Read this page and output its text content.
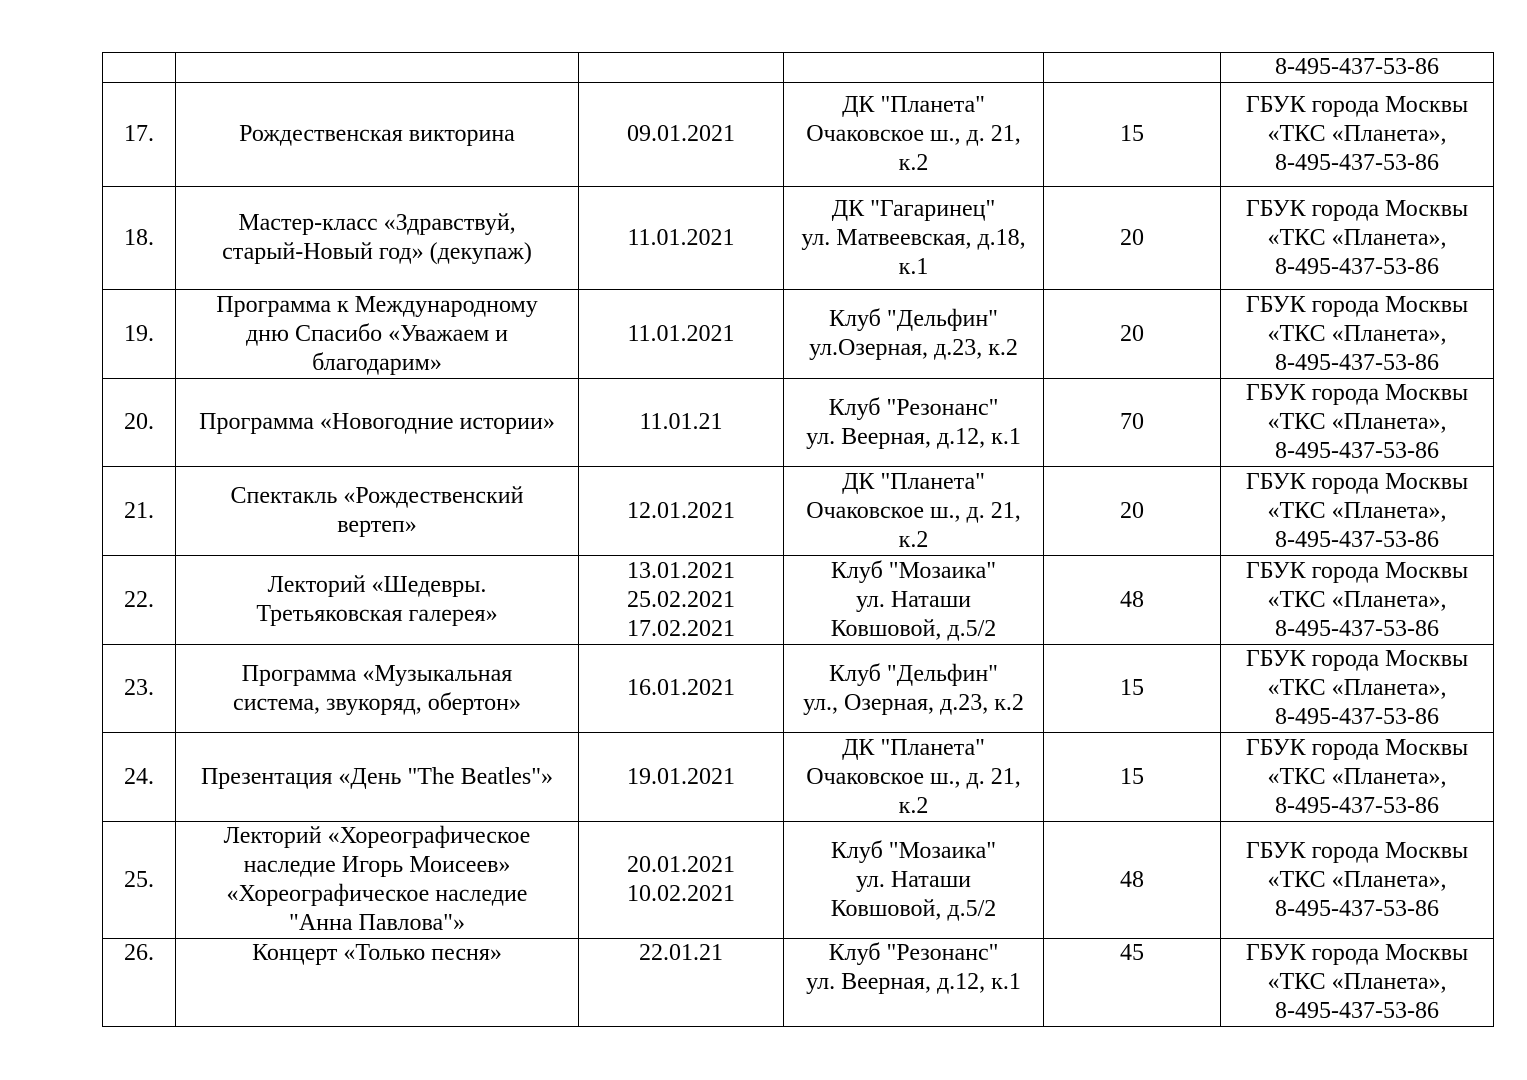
					8-495-437-53-86
17.	Рождественская викторина	09.01.2021	ДК "Планета"
Очаковское ш., д. 21,
к.2	15	ГБУК города Москвы
«ТКС «Планета»,
8-495-437-53-86

18.	Мастер-класс «Здравствуй,
старый-Новый год» (декупаж)	11.01.2021	ДК "Гагаринец"
ул. Матвеевская, д.18,
к.1	20	ГБУК города Москвы
«ТКС «Планета»,
8-495-437-53-86

19.	Программа к Международному
дню Спасибо «Уважаем и
благодарим»	11.01.2021	Клуб "Дельфин"
ул.Озерная, д.23, к.2	20	ГБУК города Москвы
«ТКС «Планета»,
8-495-437-53-86

20.	Программа «Новогодние истории»	11.01.21	Клуб "Резонанс"
ул. Веерная, д.12, к.1	70	ГБУК города Москвы
«ТКС «Планета»,
8-495-437-53-86

21.	Спектакль «Рождественский
вертеп»	12.01.2021	ДК "Планета"
Очаковское ш., д. 21,
к.2	20	ГБУК города Москвы
«ТКС «Планета»,
8-495-437-53-86

22.	Лекторий «Шедевры.
Третьяковская галерея»	13.01.2021
25.02.2021
17.02.2021	Клуб "Мозаика"
ул. Наташи
Ковшовой, д.5/2	48	ГБУК города Москвы
«ТКС «Планета»,
8-495-437-53-86

23.	Программа «Музыкальная
система, звукоряд, обертон»	16.01.2021	Клуб "Дельфин"
ул., Озерная, д.23, к.2	15	ГБУК города Москвы
«ТКС «Планета»,
8-495-437-53-86

24.	Презентация «День "The Beatles"»	19.01.2021	ДК "Планета"
Очаковское ш., д. 21,
к.2	15	ГБУК города Москвы
«ТКС «Планета»,
8-495-437-53-86

25.	Лекторий «Хореографическое
наследие Игорь Моисеев»
«Хореографическое наследие
"Анна Павлова"»	20.01.2021
10.02.2021	Клуб "Мозаика"
ул. Наташи
Ковшовой, д.5/2	48	ГБУК города Москвы
«ТКС «Планета»,
8-495-437-53-86

26.	Концерт «Только песня»	22.01.21	Клуб "Резонанс"
ул. Веерная, д.12, к.1	45	ГБУК города Москвы
«ТКС «Планета»,
8-495-437-53-86
